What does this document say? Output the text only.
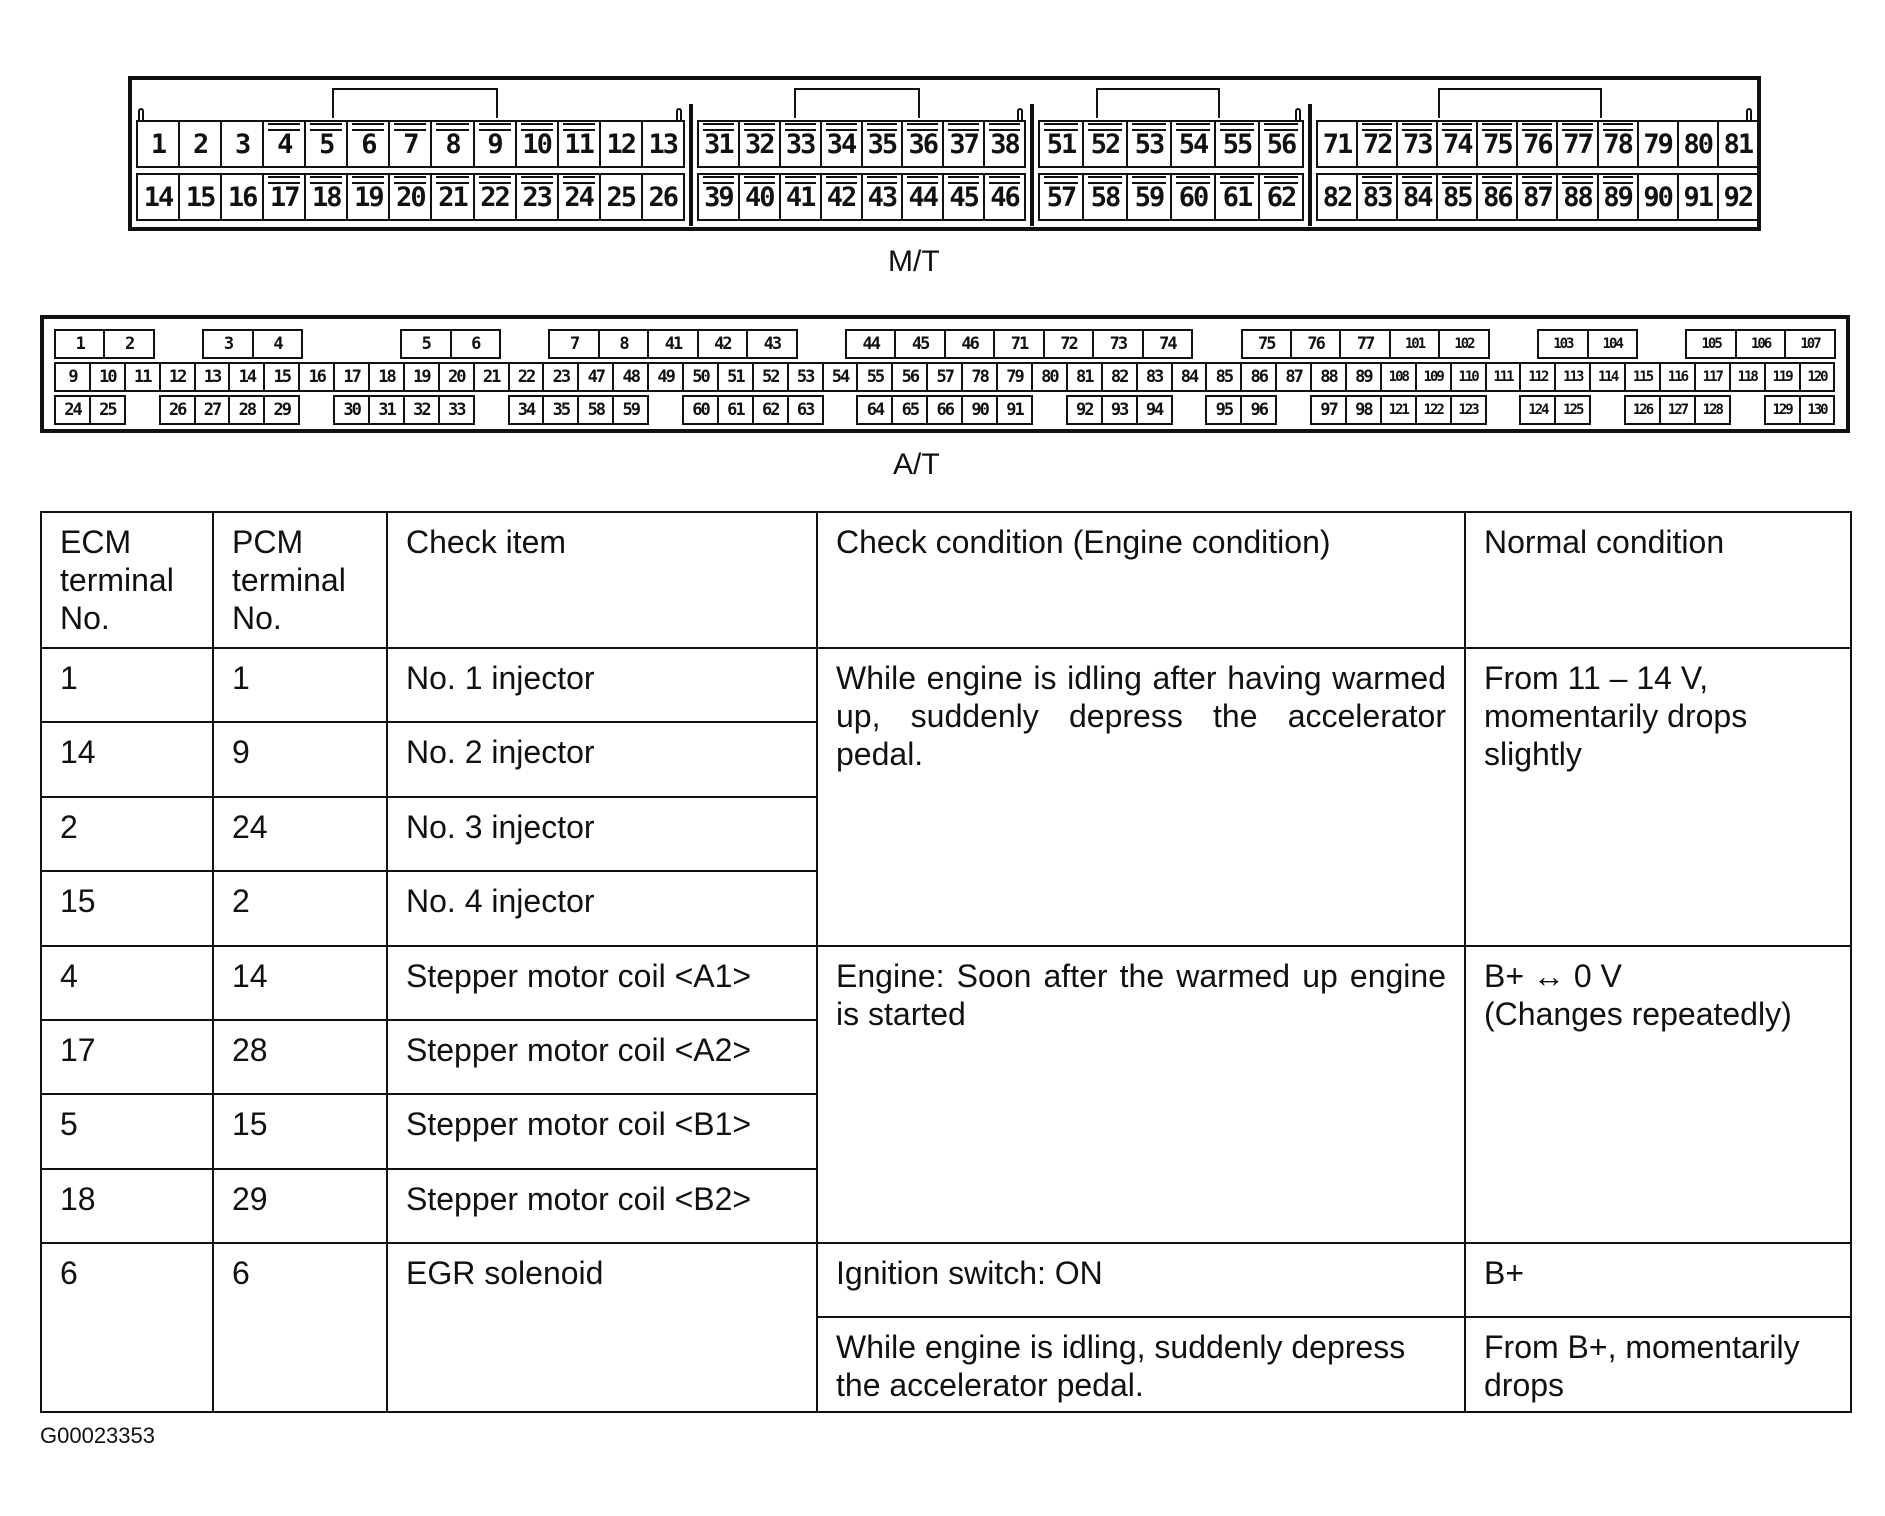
1	2	3	4	5	6	7	8	9 10 11 12 13
14 15 16 17 18 19 20 21 22 23 24 25 26
31 32 33 34 35 36 37 38
39 40 41 42 43 44 45 46
51 52 53 54 55 56
57 58 59 60 61 62
71 72 73 74 75 76 77 78 79 80 81
82 83 84 85 86 87 88 89 90 91 92
M/T
1	2	3	4	5	6	7	8	41	42	43	44	45	46	71	72	73	74	75	76	77	101	102	103	104	105	106	107
9	10	11	12	13	14	15	16	17	18	19	20	21	22	23	47	48	49	50	51	52	53	54	55	56	57	78	79	80	81	82	83	84	85	86	87	88	89	108	109	110	111	112	113	114	115	116	117	118	119	120
24	25	26	27	28	29	30	31	32	33	34	35	58	59	60	61	62	63	64	65	66	90	91	92	93	94	95	96	97	98	121	122	123	124	125	126	127	128	129	130
A/T
ECM
terminal
No.	PCM
terminal
No.	Check item	Check condition (Engine condition)	Normal condition
1	1	No. 1 injector	While engine is idling after having warmed up, suddenly depress the accelerator pedal.	From 11 – 14 V, momentarily drops slightly
14	9	No. 2 injector		
2	24	No. 3 injector		
15	2	No. 4 injector		
4	14	Stepper motor coil <A1>	Engine: Soon after the warmed up engine is started	B+ ↔ 0 V
(Changes repeatedly)
17	28	Stepper motor coil <A2>		
5	15	Stepper motor coil <B1>		
18	29	Stepper motor coil <B2>		
6	6	EGR solenoid	Ignition switch: ON	B+
			While engine is idling, suddenly depress the accelerator pedal.	From B+, momentarily drops
G00023353
